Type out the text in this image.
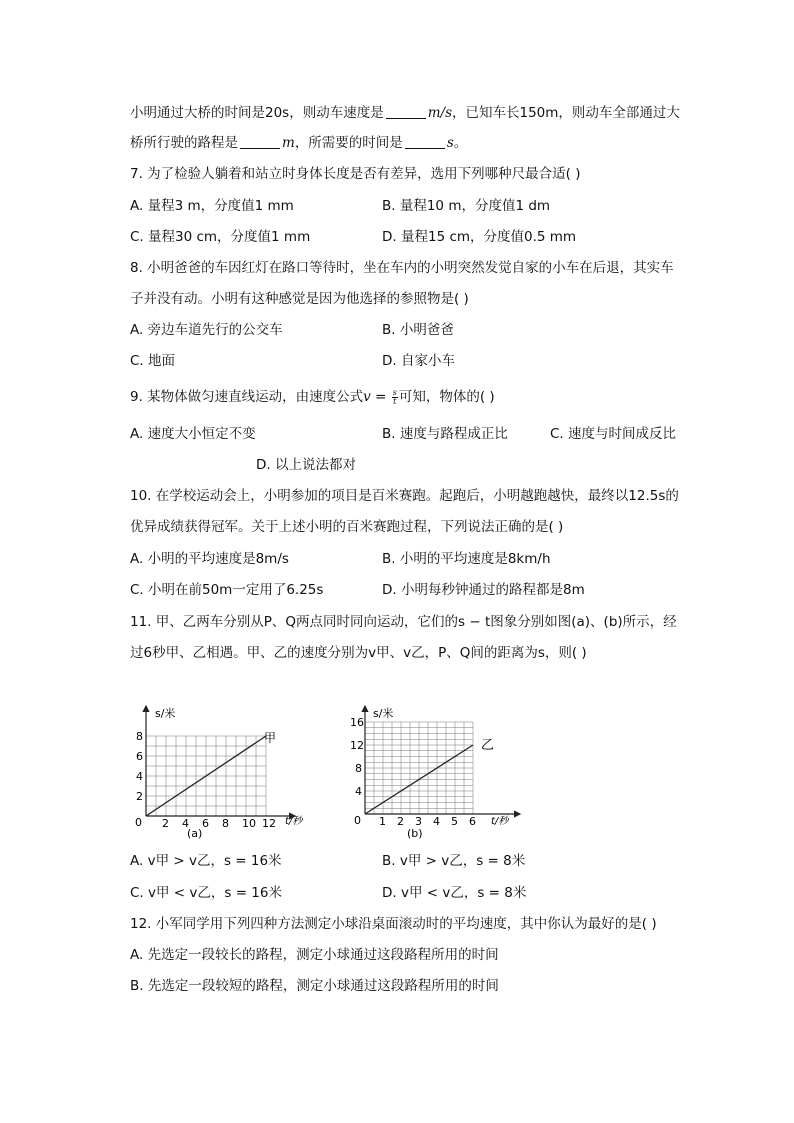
小明通过大桥的时间是20s，则动车速度是	m/s，已知车长150m，则动车全部通过大
桥所行驶的路程是	m，所需要的时间是	s。
7. 为了检验人躺着和站立时身体长度是否有差异，选用下列哪种尺最合适( )
A. 量程3 m，分度值1 mm	B. 量程10 m，分度值1 dm
C. 量程30 cm，分度值1 mm	D. 量程15 cm，分度值0.5 mm
8. 小明爸爸的车因红灯在路口等待时，坐在车内的小明突然发觉自家的小车在后退，其实车
子并没有动。小明有这种感觉是因为他选择的参照物是( )
A. 旁边车道先行的公交车	B. 小明爸爸
C. 地面	D. 自家小车
9. 某物体做匀速直线运动，由速度公式$v = \frac{s}{t}$ 可知，物体的( )
A. 速度大小恒定不变	B. 速度与路程成正比	C. 速度与时间成反比
D. 以上说法都对
10. 在学校运动会上，小明参加的项目是百米赛跑。起跑后，小明越跑越快，最终以12.5s的
优异成绩获得冠军。关于上述小明的百米赛跑过程，下列说法正确的是( )
A. 小明的平均速度是8m/s	B. 小明的平均速度是8km/h
C. 小明在前50m一定用了6.25s	D. 小明每秒钟通过的路程都是8m
11. 甲、乙两车分别从P、Q两点同时同向运动，它们的s − t图象分别如图(a)、(b)所示，经
过6秒甲、乙相遇。甲、乙的速度分别为v甲、v乙，P、Q间的距离为s，则( )
s/米
t/秒
0
(a)
2 4 6 8 10 12
2
4
6
8	甲
s/米
t/秒
0
(b)
1 2 3 4 5 6
4
8
12
16
乙
A. v甲 > v乙，s = 16米	B. v甲 > v乙，s = 8米
C. v甲 < v乙，s = 16米	D. v甲 < v乙，s = 8米
12. 小军同学用下列四种方法测定小球沿桌面滚动时的平均速度，其中你认为最好的是( )
A. 先选定一段较长的路程，测定小球通过这段路程所用的时间
B. 先选定一段较短的路程，测定小球通过这段路程所用的时间
